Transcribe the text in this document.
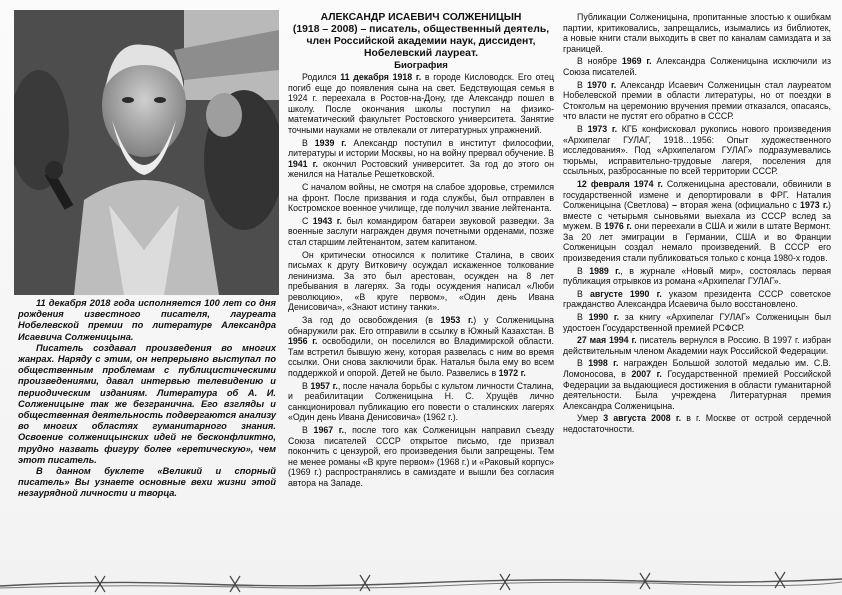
11 декабря 2018 года исполняется 100 лет со дня рождения известного писателя, лауреата Нобелевской премии по литературе Александра Исаевича Солженицына.

Писатель создавал произведения во многих жанрах. Наряду с этим, он непрерывно выступал по общественным проблемам с публицистическими произведениями, давал интервью телевидению и периодическим изданиям. Литература об А. И. Солженицыне так же безгранична. Его взгляды и общественная деятельность подвергаются анализу во многих областях гуманитарного знания. Освоение солженицынских идей не бесконфликтно, трудно назвать фигуру более «еретическую», чем этот писатель.

В данном буклете «Великий и спорный писатель» Вы узнаете основные вехи жизни этой незаурядной личности и творца.

АЛЕКСАНДР ИСАЕВИЧ СОЛЖЕНИЦЫН

(1918 – 2008) – писатель, общественный деятель, член Российской академии наук, диссидент, Нобелевский лауреат.

Биография

Родился 11 декабря 1918 г. в городе Кисловодск. Его отец погиб еще до появления сына на свет. Бедствующая семья в 1924 г. переехала в Ростов-на-Дону, где Александр пошел в школу. После окончания школы поступил на физико-математический факультет Ростовского университета. Занятие точными науками не отвлекали от литературных упражнений.

В 1939 г. Александр поступил в институт философии, литературы и истории Москвы, но на войну прервал обучение. В 1941 г. окончил Ростовский университет. За год до этого он женился на Наталье Решетковской.

С началом войны, не смотря на слабое здоровье, стремился на фронт. После призвания и года службы, был отправлен в Костромское военное училище, где получил звание лейтенанта.

С 1943 г. был командиром батареи звуковой разведки. За военные заслуги награжден двумя почетными орденами, позже стал старшим лейтенантом, затем капитаном.

Он критически относился к политике Сталина, в своих письмах к другу Витковичу осуждал искаженное толкование ленинизма. За это был арестован, осужден на 8 лет пребывания в лагерях. За годы осуждения написал «Люби революцию», «В круге первом», «Один день Ивана Денисовича», «Знают истину танки».

За год до освобождения (в 1953 г.) у Солженицына обнаружили рак. Его отправили в ссылку в Южный Казахстан. В 1956 г. освободили, он поселился во Владимирской области. Там встретил бывшую жену, которая развелась с ним во время ссылки. Они снова заключили брак. Наталья была ему во всем поддержкой и опорой. Детей не было. Развелись в 1972 г.

В 1957 г., после начала борьбы с культом личности Сталина, и реабилитации Солженицына Н. С. Хрущёв лично санкционировал публикацию его повести о сталинских лагерях «Один день Ивана Денисовича» (1962 г.).

В 1967 г., после того как Солженицын направил съезду Союза писателей СССР открытое письмо, где призвал покончить с цензурой, его произведения были запрещены. Тем не менее романы «В круге первом» (1968 г.) и «Раковый корпус» (1969 г.) распространялись в самиздате и вышли без согласия автора на Западе.

Публикации Солженицына, пропитанные злостью к ошибкам партии, критиковались, запрещались, изымались из библиотек, а новые книги стали выходить в свет по каналам самиздата и за границей.

В ноябре 1969 г. Александра Солженицына исключили из Союза писателей.

В 1970 г. Александр Исаевич Солженицын стал лауреатом Нобелевской премии в области литературы, но от поездки в Стокгольм на церемонию вручения премии отказался, опасаясь, что власти не пустят его обратно в СССР.

В 1973 г. КГБ конфисковал рукопись нового произведения «Архипелаг ГУЛАГ, 1918…1956: Опыт художественного исследования». Под «Архипелагом ГУЛАГ» подразумевались тюрьмы, исправительно-трудовые лагеря, поселения для ссыльных, разбросанные по всей территории СССР.

12 февраля 1974 г. Солженицына арестовали, обвинили в государственной измене и депортировали в ФРГ. Наталия Солженицына (Светлова) – вторая жена (официально с 1973 г.) вместе с четырьмя сыновьями выехала из СССР вслед за мужем. В 1976 г. они переехали в США и жили в штате Вермонт. За 20 лет эмиграции в Германии, США и во Франции Солженицын создал немало произведений. В СССР его произведения стали публиковаться только с конца 1980-х годов.

В 1989 г., в журнале «Новый мир», состоялась первая публикация отрывков из романа «Архипелаг ГУЛАГ».

В августе 1990 г. указом президента СССР советское гражданство Александра Исаевича было восстановлено.

В 1990 г. за книгу «Архипелаг ГУЛАГ» Солженицын был удостоен Государственной премией РСФСР.

27 мая 1994 г. писатель вернулся в Россию. В 1997 г. избран действительным членом Академии наук Российской Федерации.

В 1998 г. награжден Большой золотой медалью им. С.В. Ломоносова, в 2007 г. Государственной премией Российской Федерации за выдающиеся достижения в области гуманитарной деятельности. Была учреждена Литературная премия Александра Солженицына.

Умер 3 августа 2008 г. в г. Москве от острой сердечной недостаточности.
